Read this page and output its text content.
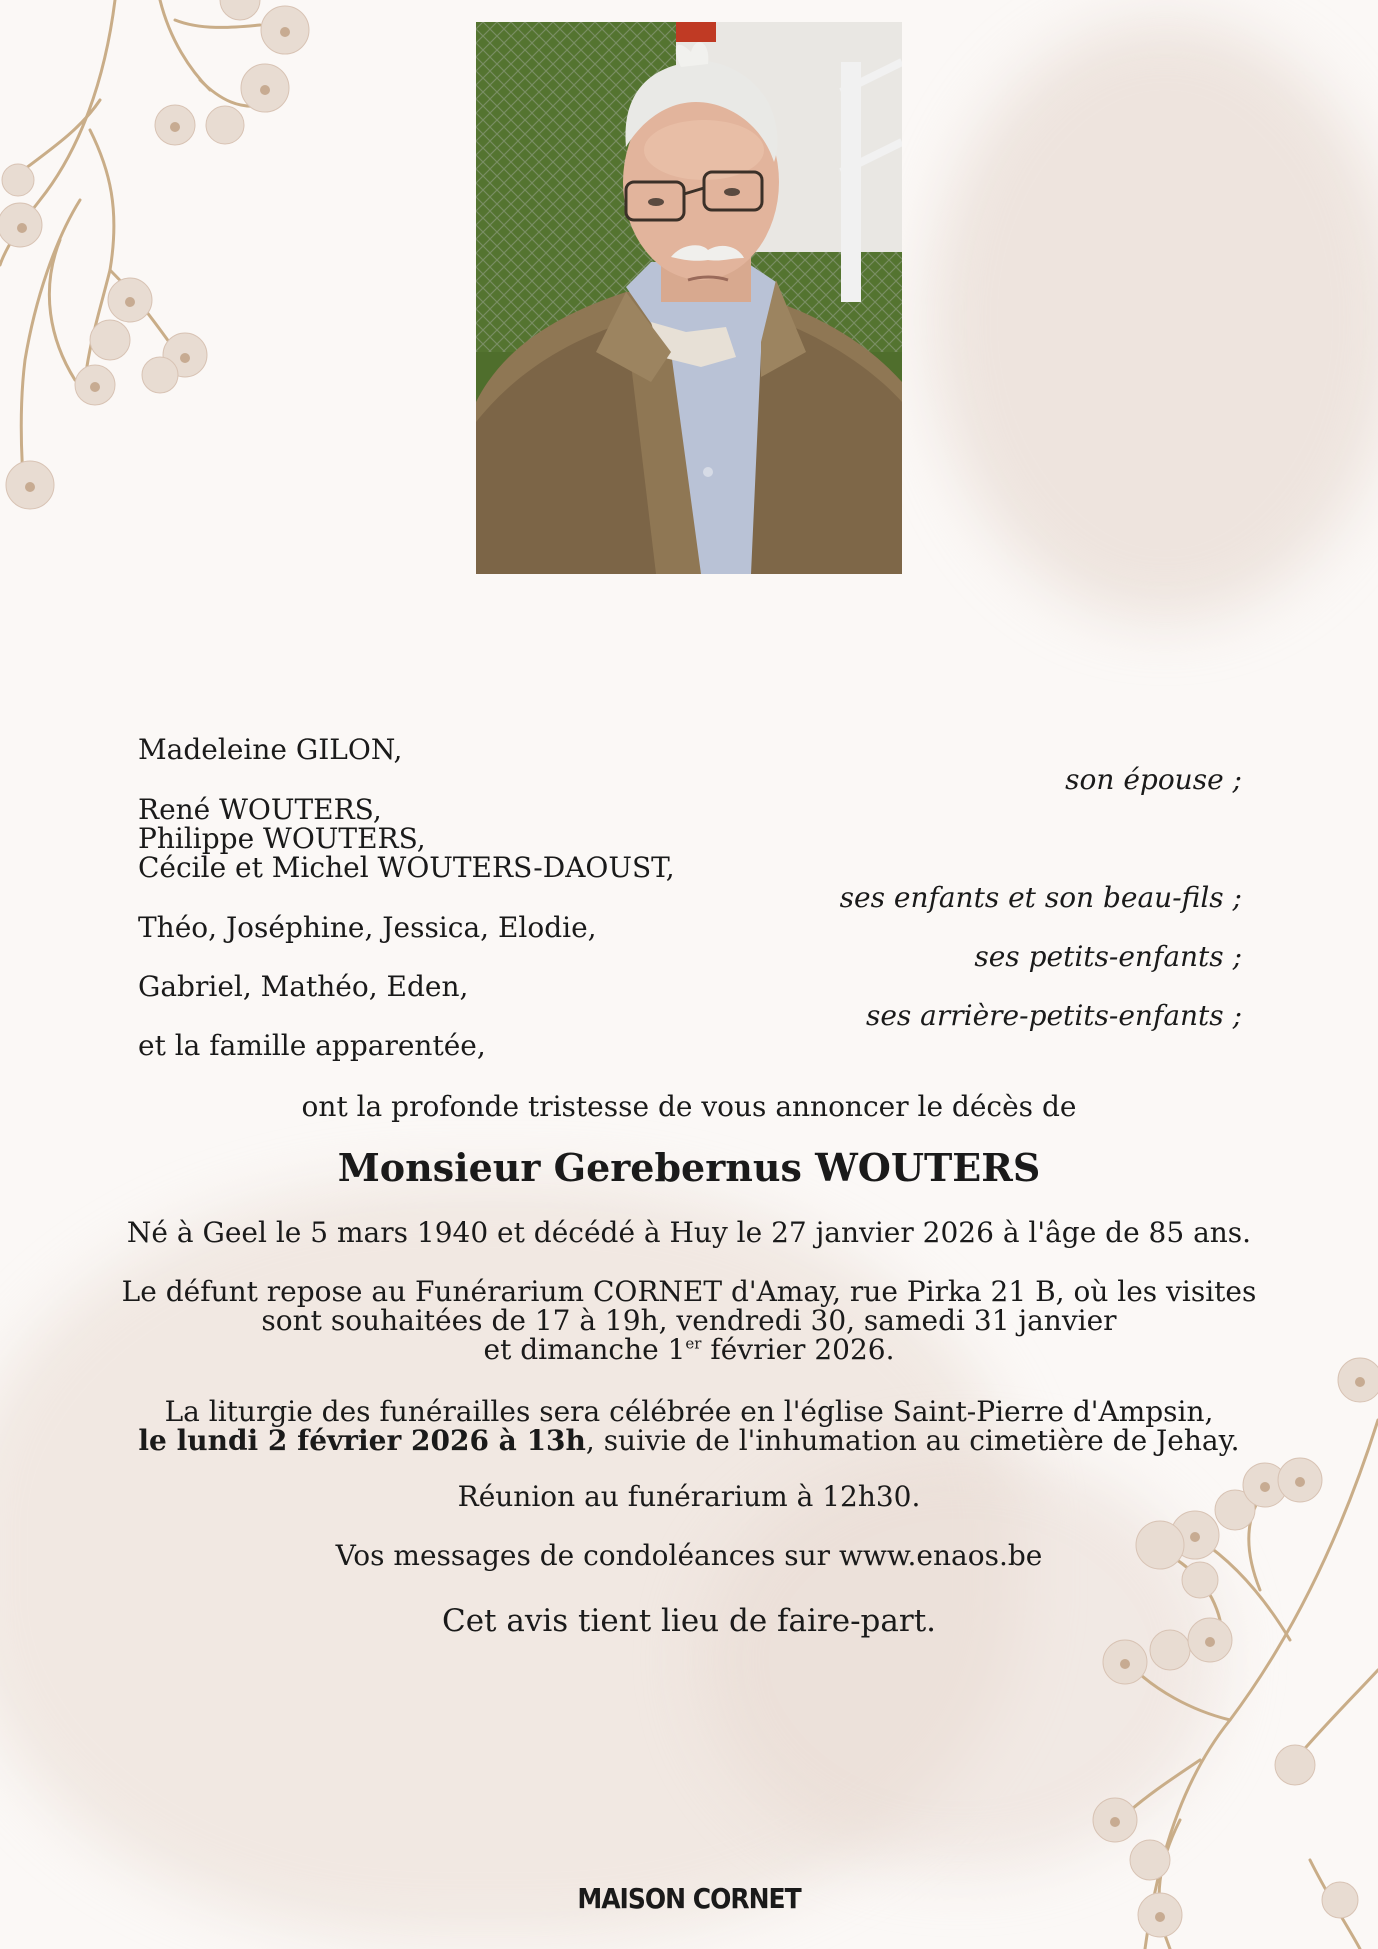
Madeleine GILON,
son épouse ;
René WOUTERS,
Philippe WOUTERS,
Cécile et Michel WOUTERS-DAOUST,
ses enfants et son beau-fils ;
Théo, Joséphine, Jessica, Elodie,
ses petits-enfants ;
Gabriel, Mathéo, Eden,
ses arrière-petits-enfants ;
et la famille apparentée,
ont la profonde tristesse de vous annoncer le décès de
Monsieur Gerebernus WOUTERS
Né à Geel le 5 mars 1940 et décédé à Huy le 27 janvier 2026 à l'âge de 85 ans.
Le défunt repose au Funérarium CORNET d'Amay, rue Pirka 21 B, où les visites
sont souhaitées de 17 à 19h, vendredi 30, samedi 31 janvier
et dimanche 1er février 2026.
La liturgie des funérailles sera célébrée en l'église Saint-Pierre d'Ampsin,
le lundi 2 février 2026 à 13h, suivie de l'inhumation au cimetière de Jehay.
Réunion au funérarium à 12h30.
Vos messages de condoléances sur www.enaos.be
Cet avis tient lieu de faire-part.
MAISON CORNET
